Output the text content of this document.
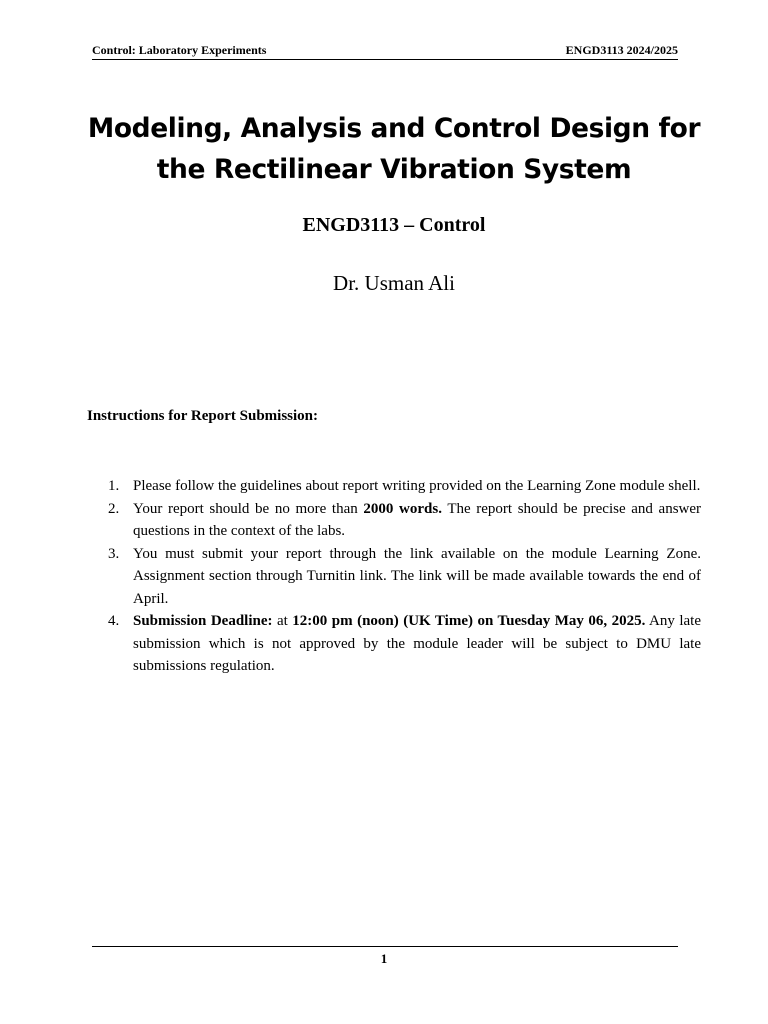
Control: Laboratory Experiments	ENGD3113 2024/2025
Modeling, Analysis and Control Design for
the Rectilinear Vibration System
ENGD3113 – Control
Dr. Usman Ali
Instructions for Report Submission:
1. Please follow the guidelines about report writing provided on the Learning Zone module shell.
2. Your report should be no more than 2000 words. The report should be precise and answer questions in the context of the labs.
3. You must submit your report through the link available on the module Learning Zone. Assignment section through Turnitin link. The link will be made available towards the end of April.
4. Submission Deadline: at 12:00 pm (noon) (UK Time) on Tuesday May 06, 2025. Any late submission which is not approved by the module leader will be subject to DMU late submissions regulation.
1
